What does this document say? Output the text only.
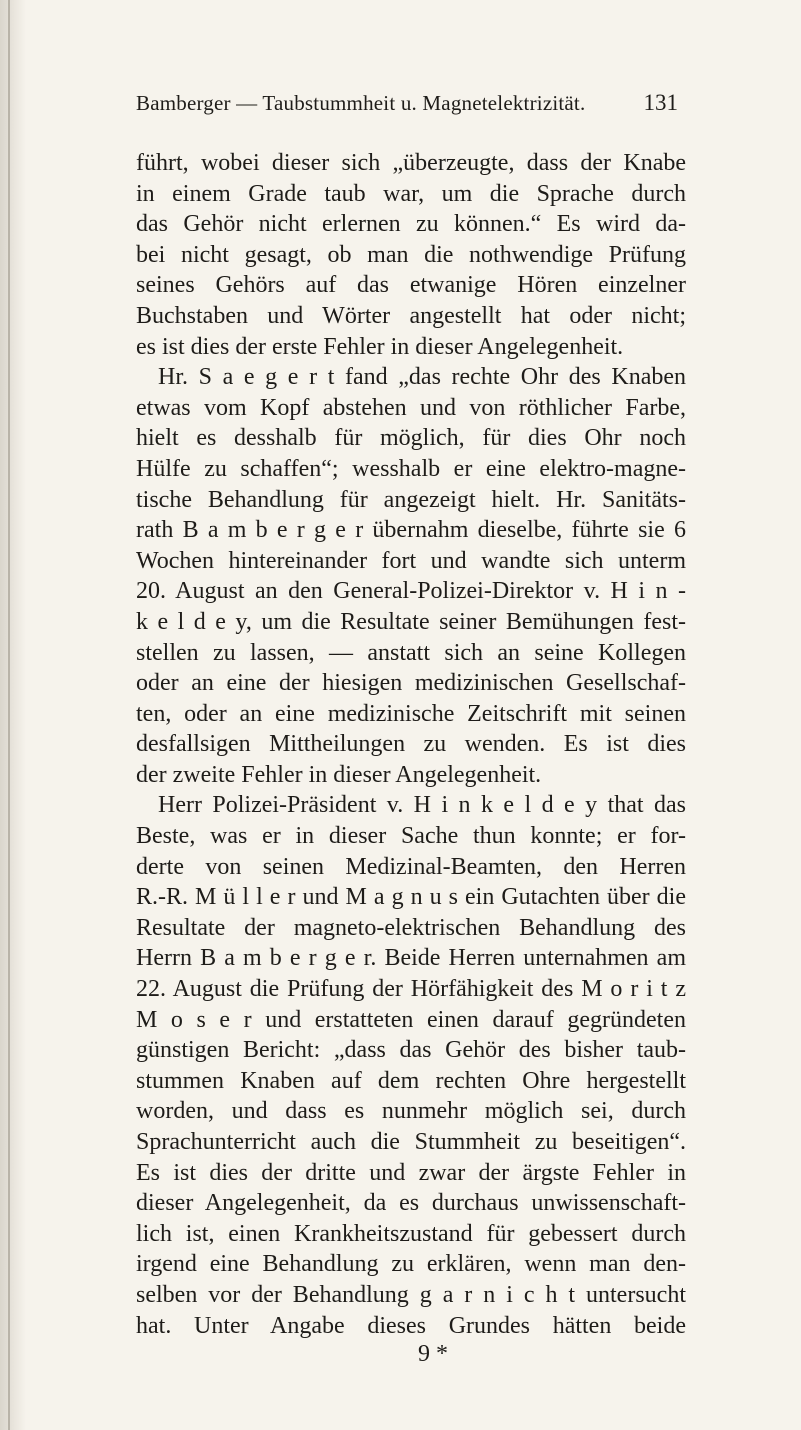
Bamberger — Taubstummheit u. Magnetelektrizität.	131
führt, wobei dieser sich „überzeugte, dass der Knabe
in einem Grade taub war, um die Sprache durch
das Gehör nicht erlernen zu können.“ Es wird da-
bei nicht gesagt, ob man die nothwendige Prüfung
seines Gehörs auf das etwanige Hören einzelner
Buchstaben und Wörter angestellt hat oder nicht;
es ist dies der erste Fehler in dieser Angelegenheit.
Hr. S a e g e r t fand „das rechte Ohr des Knaben
etwas vom Kopf abstehen und von röthlicher Farbe,
hielt es desshalb für möglich, für dies Ohr noch
Hülfe zu schaffen“; wesshalb er eine elektro-magne-
tische Behandlung für angezeigt hielt. Hr. Sanitäts-
rath B a m b e r g e r übernahm dieselbe, führte sie 6
Wochen hintereinander fort und wandte sich unterm
20. August an den General-Polizei-Direktor v. H i n -
k e l d e y, um die Resultate seiner Bemühungen fest-
stellen zu lassen, — anstatt sich an seine Kollegen
oder an eine der hiesigen medizinischen Gesellschaf-
ten, oder an eine medizinische Zeitschrift mit seinen
desfallsigen Mittheilungen zu wenden. Es ist dies
der zweite Fehler in dieser Angelegenheit.
Herr Polizei-Präsident v. H i n k e l d e y that das
Beste, was er in dieser Sache thun konnte; er for-
derte von seinen Medizinal-Beamten, den Herren
R.-R. M ü l l e r und M a g n u s ein Gutachten über die
Resultate der magneto-elektrischen Behandlung des
Herrn B a m b e r g e r. Beide Herren unternahmen am
22. August die Prüfung der Hörfähigkeit des M o r i t z
M o s e r und erstatteten einen darauf gegründeten
günstigen Bericht: „dass das Gehör des bisher taub-
stummen Knaben auf dem rechten Ohre hergestellt
worden, und dass es nunmehr möglich sei, durch
Sprachunterricht auch die Stummheit zu beseitigen“.
Es ist dies der dritte und zwar der ärgste Fehler in
dieser Angelegenheit, da es durchaus unwissenschaft-
lich ist, einen Krankheitszustand für gebessert durch
irgend eine Behandlung zu erklären, wenn man den-
selben vor der Behandlung g a r n i c h t untersucht
hat. Unter Angabe dieses Grundes hätten beide
9 *
